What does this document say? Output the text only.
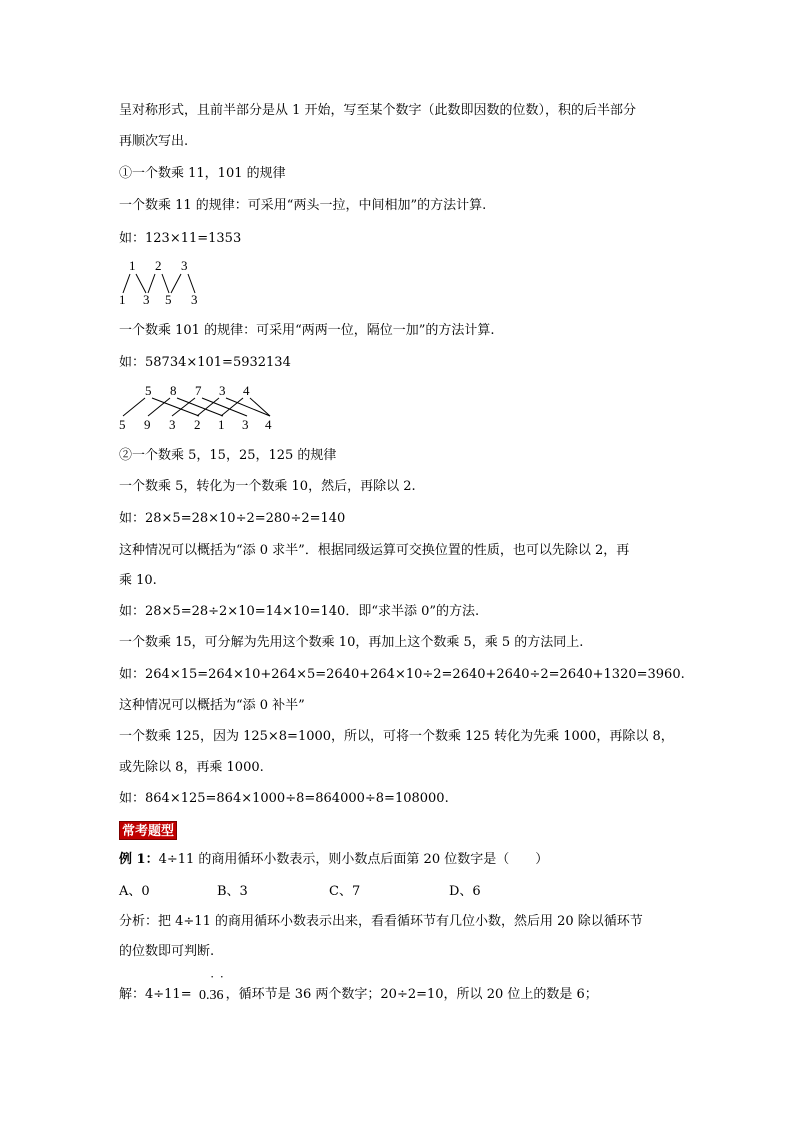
呈对称形式，且前半部分是从 1 开始，写至某个数字（此数即因数的位数），积的后半部分
再顺次写出.
①一个数乘 11，101 的规律
一个数乘 11 的规律：可采用“两头一拉，中间相加”的方法计算.
如：123×11=1353
1 2 3
1 3 5 3
一个数乘 101 的规律：可采用“两两一位，隔位一加”的方法计算.
如：58734×101=5932134
5 8 7 3 4
5 9 3 2 1 3 4
②一个数乘 5，15，25，125 的规律
一个数乘 5，转化为一个数乘 10，然后，再除以 2.
如：28×5=28×10÷2=280÷2=140
这种情况可以概括为“添 0 求半”．根据同级运算可交换位置的性质，也可以先除以 2，再
乘 10.
如：28×5=28÷2×10=14×10=140．即“求半添 0”的方法.
一个数乘 15，可分解为先用这个数乘 10，再加上这个数乘 5，乘 5 的方法同上.
如：264×15=264×10+264×5=2640+264×10÷2=2640+2640÷2=2640+1320=3960.
这种情况可以概括为“添 0 补半”
一个数乘 125，因为 125×8=1000，所以，可将一个数乘 125 转化为先乘 1000，再除以 8，
或先除以 8，再乘 1000.
如：864×125=864×1000÷8=864000÷8=108000.
常考题型
例 1：4÷11 的商用循环小数表示，则小数点后面第 20 位数字是（　　）
A、0	B、3	C、7	D、6
分析：把 4÷11 的商用循环小数表示出来，看看循环节有几位小数，然后用 20 除以循环节
的位数即可判断.
解：4÷11=	，循环节是 36 两个数字；20÷2=10，所以 20 位上的数是 6；
· ·
0.36
